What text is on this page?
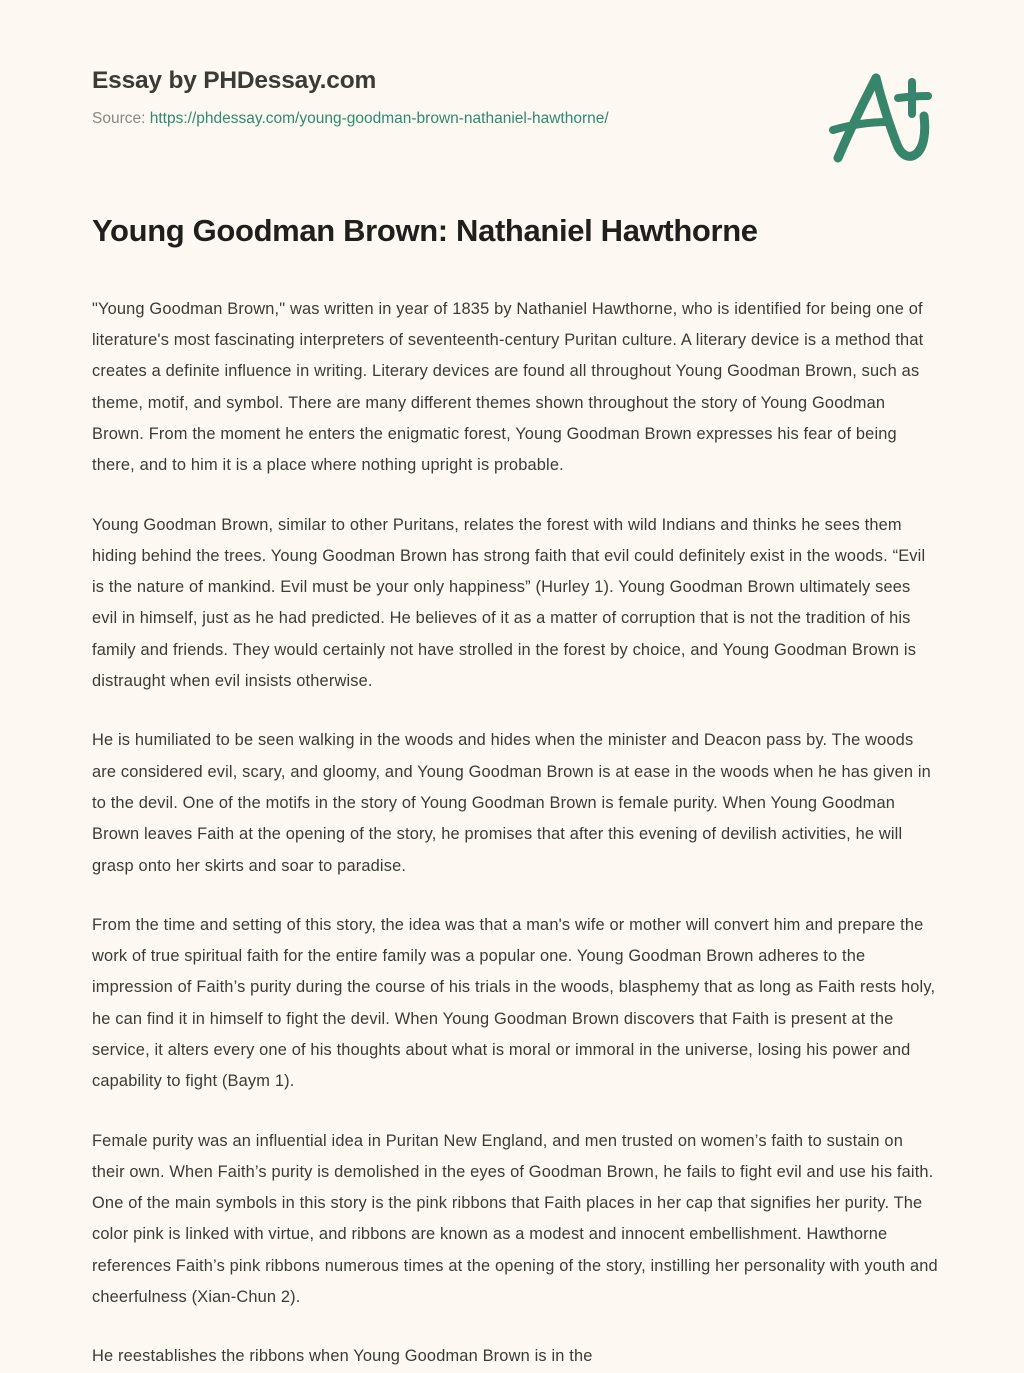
Essay by PHDessay.com
Source: https://phdessay.com/young-goodman-brown-nathaniel-hawthorne/
Young Goodman Brown: Nathaniel Hawthorne

"Young Goodman Brown," was written in year of 1835 by Nathaniel Hawthorne, who is identified for being one of literature's most fascinating interpreters of seventeenth-century Puritan culture. A literary device is a method that creates a definite influence in writing. Literary devices are found all throughout Young Goodman Brown, such as theme, motif, and symbol. There are many different themes shown throughout the story of Young Goodman Brown. From the moment he enters the enigmatic forest, Young Goodman Brown expresses his fear of being there, and to him it is a place where nothing upright is probable.

Young Goodman Brown, similar to other Puritans, relates the forest with wild Indians and thinks he sees them hiding behind the trees. Young Goodman Brown has strong faith that evil could definitely exist in the woods. “Evil is the nature of mankind. Evil must be your only happiness” (Hurley 1). Young Goodman Brown ultimately sees evil in himself, just as he had predicted. He believes of it as a matter of corruption that is not the tradition of his family and friends. They would certainly not have strolled in the forest by choice, and Young Goodman Brown is distraught when evil insists otherwise.

He is humiliated to be seen walking in the woods and hides when the minister and Deacon pass by. The woods are considered evil, scary, and gloomy, and Young Goodman Brown is at ease in the woods when he has given in to the devil. One of the motifs in the story of Young Goodman Brown is female purity. When Young Goodman Brown leaves Faith at the opening of the story, he promises that after this evening of devilish activities, he will grasp onto her skirts and soar to paradise.

From the time and setting of this story, the idea was that a man's wife or mother will convert him and prepare the work of true spiritual faith for the entire family was a popular one. Young Goodman Brown adheres to the impression of Faith’s purity during the course of his trials in the woods, blasphemy that as long as Faith rests holy, he can find it in himself to fight the devil. When Young Goodman Brown discovers that Faith is present at the service, it alters every one of his thoughts about what is moral or immoral in the universe, losing his power and capability to fight (Baym 1).

Female purity was an influential idea in Puritan New England, and men trusted on women’s faith to sustain on their own. When Faith’s purity is demolished in the eyes of Goodman Brown, he fails to fight evil and use his faith. One of the main symbols in this story is the pink ribbons that Faith places in her cap that signifies her purity. The color pink is linked with virtue, and ribbons are known as a modest and innocent embellishment. Hawthorne references Faith’s pink ribbons numerous times at the opening of the story, instilling her personality with youth and cheerfulness (Xian-Chun 2).

He reestablishes the ribbons when Young Goodman Brown is in the
